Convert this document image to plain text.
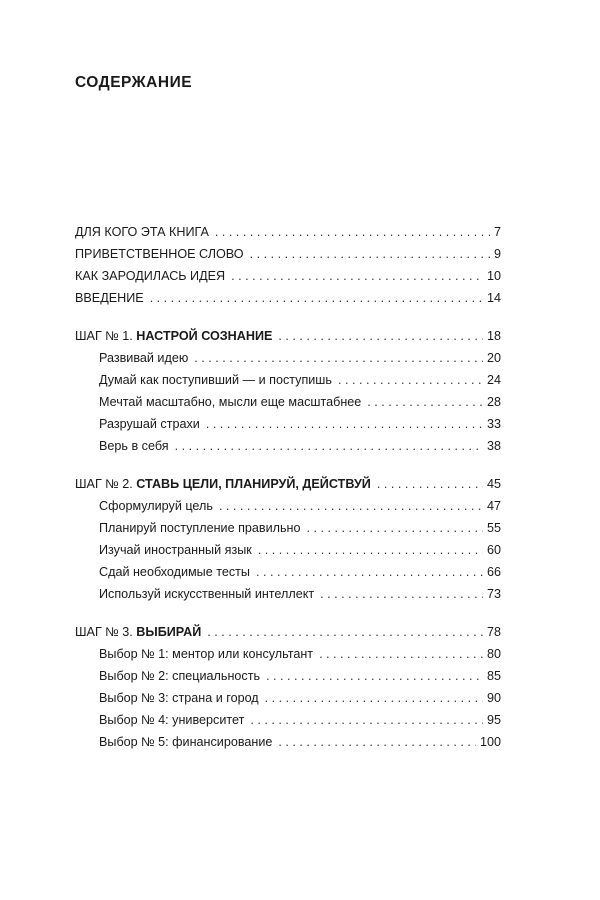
СОДЕРЖАНИЕ
ДЛЯ КОГО ЭТА КНИГА . . .	7
ПРИВЕТСТВЕННОЕ СЛОВО . . .	9
КАК ЗАРОДИЛАСЬ ИДЕЯ . . .	10
ВВЕДЕНИЕ . . .	14
ШАГ № 1. НАСТРОЙ СОЗНАНИЕ . . .	18
Развивай идею . . .	20
Думай как поступивший — и поступишь . . .	24
Мечтай масштабно, мысли еще масштабнее . . .	28
Разрушай страхи . . .	33
Верь в себя . . .	38
ШАГ № 2. СТАВЬ ЦЕЛИ, ПЛАНИРУЙ, ДЕЙСТВУЙ . . .	45
Сформулируй цель . . .	47
Планируй поступление правильно . . .	55
Изучай иностранный язык . . .	60
Сдай необходимые тесты . . .	66
Используй искусственный интеллект . . .	73
ШАГ № 3. ВЫБИРАЙ . . .	78
Выбор № 1: ментор или консультант . . .	80
Выбор № 2: специальность . . .	85
Выбор № 3: страна и город . . .	90
Выбор № 4: университет . . .	95
Выбор № 5: финансирование . . .	100
